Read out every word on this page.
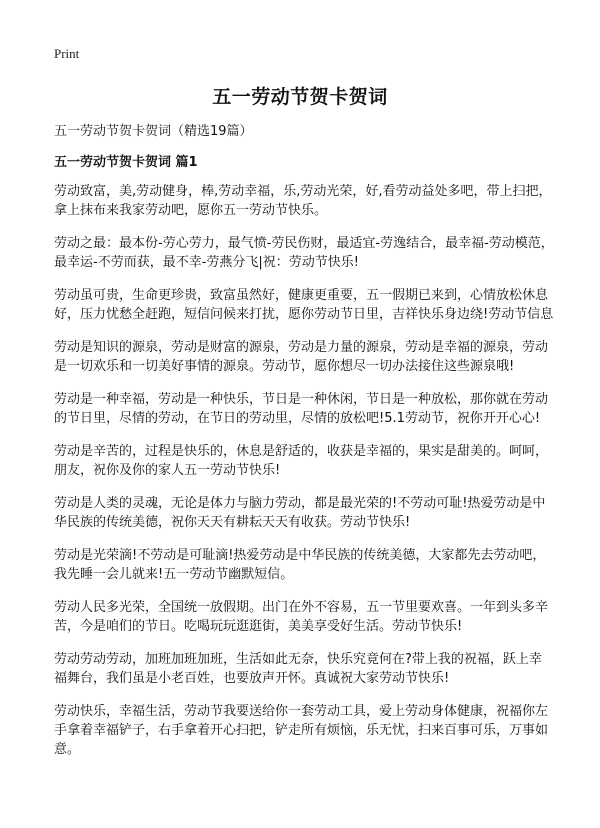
Print
五一劳动节贺卡贺词
五一劳动节贺卡贺词（精选19篇）
五一劳动节贺卡贺词 篇1

劳动致富，美,劳动健身，棒,劳动幸福，乐,劳动光荣，好,看劳动益处多吧，带上扫把，拿上抹布来我家劳动吧，愿你五一劳动节快乐。

劳动之最：最本份-劳心劳力，最气愤-劳民伤财，最适宜-劳逸结合，最幸福-劳动模范，最幸运-不劳而获，最不幸-劳燕分飞|祝：劳动节快乐!

劳动虽可贵，生命更珍贵，致富虽然好，健康更重要，五一假期已来到，心情放松休息好，压力忧愁全赶跑，短信问候来打扰，愿你劳动节日里，吉祥快乐身边绕!劳动节信息

劳动是知识的源泉，劳动是财富的源泉，劳动是力量的源泉，劳动是幸福的源泉，劳动是一切欢乐和一切美好事情的源泉。劳动节，愿你想尽一切办法接住这些源泉哦!

劳动是一种幸福，劳动是一种快乐，节日是一种休闲，节日是一种放松，那你就在劳动的节日里，尽情的劳动，在节日的劳动里，尽情的放松吧!5.1劳动节，祝你开开心心!

劳动是辛苦的，过程是快乐的，休息是舒适的，收获是幸福的，果实是甜美的。呵呵，朋友，祝你及你的家人五一劳动节快乐!

劳动是人类的灵魂，无论是体力与脑力劳动，都是最光荣的!不劳动可耻!热爱劳动是中华民族的传统美德，祝你天天有耕耘天天有收获。劳动节快乐!

劳动是光荣滴!不劳动是可耻滴!热爱劳动是中华民族的传统美德，大家都先去劳动吧，我先睡一会儿就来!五一劳动节幽默短信。

劳动人民多光荣，全国统一放假期。出门在外不容易，五一节里要欢喜。一年到头多辛苦，今是咱们的节日。吃喝玩玩逛逛街，美美享受好生活。劳动节快乐!

劳动劳动劳动，加班加班加班，生活如此无奈，快乐究竟何在?带上我的祝福，跃上幸福舞台，我们虽是小老百姓，也要放声开怀。真诚祝大家劳动节快乐!

劳动快乐，幸福生活，劳动节我要送给你一套劳动工具，爱上劳动身体健康，祝福你左手拿着幸福铲子，右手拿着开心扫把，铲走所有烦恼，乐无忧，扫来百事可乐，万事如意。
